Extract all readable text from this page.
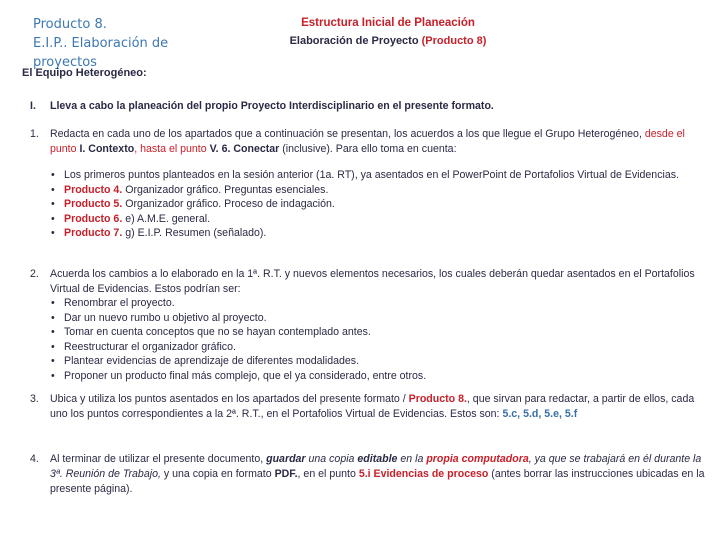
Producto 8.
E.I.P.. Elaboración de
proyectos
El Equipo Heterogéneo:
Estructura Inicial de Planeación
Elaboración de Proyecto (Producto 8)
I. Lleva a cabo la planeación del propio Proyecto Interdisciplinario en el presente formato.
1. Redacta en cada uno de los apartados que a continuación se presentan, los acuerdos a los que llegue el Grupo Heterogéneo, desde el punto I. Contexto, hasta el punto V. 6. Conectar (inclusive). Para ello toma en cuenta:
• Los primeros puntos planteados en la sesión anterior (1a. RT), ya asentados en el PowerPoint de Portafolios Virtual de Evidencias.
• Producto 4. Organizador gráfico. Preguntas esenciales.
• Producto 5. Organizador gráfico. Proceso de indagación.
• Producto 6. e) A.M.E. general.
• Producto 7. g) E.I.P. Resumen (señalado).
2. Acuerda los cambios a lo elaborado en la 1ª. R.T. y nuevos elementos necesarios, los cuales deberán quedar asentados en el Portafolios Virtual de Evidencias. Estos podrían ser:
• Renombrar el proyecto.
• Dar un nuevo rumbo u objetivo al proyecto.
• Tomar en cuenta conceptos que no se hayan contemplado antes.
• Reestructurar el organizador gráfico.
• Plantear evidencias de aprendizaje de diferentes modalidades.
• Proponer un producto final más complejo, que el ya considerado, entre otros.
3. Ubica y utiliza los puntos asentados en los apartados del presente formato / Producto 8., que sirvan para redactar, a partir de ellos, cada uno los puntos correspondientes a la 2ª. R.T., en el Portafolios Virtual de Evidencias. Estos son: 5.c, 5.d, 5.e, 5.f
4. Al terminar de utilizar el presente documento, guardar una copia editable en la propia computadora, ya que se trabajará en él durante la 3ª. Reunión de Trabajo, y una copia en formato PDF., en el punto 5.i Evidencias de proceso (antes borrar las instrucciones ubicadas en la presente página).
